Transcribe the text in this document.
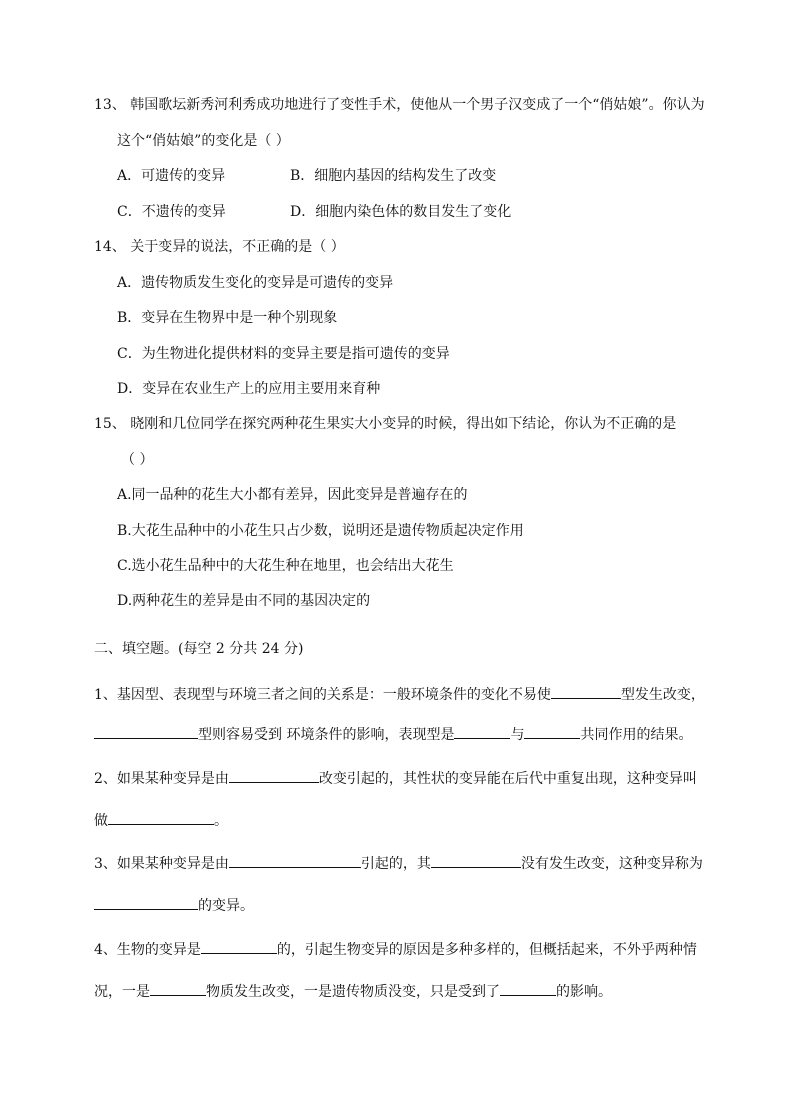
13、 韩国歌坛新秀河利秀成功地进行了变性手术，使他从一个男子汉变成了一个“俏姑娘”。你认为
这个“俏姑娘”的变化是（ ）
A．可遗传的变异	B．细胞内基因的结构发生了改变
C．不遗传的变异	D．细胞内染色体的数目发生了变化
14、 关于变异的说法，不正确的是（ ）
A．遗传物质发生变化的变异是可遗传的变异
B．变异在生物界中是一种个别现象
C．为生物进化提供材料的变异主要是指可遗传的变异
D．变异在农业生产上的应用主要用来育种
15、 晓刚和几位同学在探究两种花生果实大小变异的时候，得出如下结论，你认为不正确的是
（ ）
A.同一品种的花生大小都有差异，因此变异是普遍存在的
B.大花生品种中的小花生只占少数，说明还是遗传物质起决定作用
C.选小花生品种中的大花生种在地里，也会结出大花生
D.两种花生的差异是由不同的基因决定的
二、填空题。(每空 2 分共 24 分)
1、基因型、表现型与环境三者之间的关系是：一般环境条件的变化不易使	型发生改变，
型则容易受到 环境条件的影响，表现型是	与	共同作用的结果。
2、如果某种变异是由	改变引起的，其性状的变异能在后代中重复出现，这种变异叫
做	。
3、如果某种变异是由	引起的，其	没有发生改变，这种变异称为
的变异。
4、生物的变异是	的，引起生物变异的原因是多种多样的，但概括起来，不外乎两种情
况，一是	物质发生改变，一是遗传物质没变，只是受到了	的影响。
